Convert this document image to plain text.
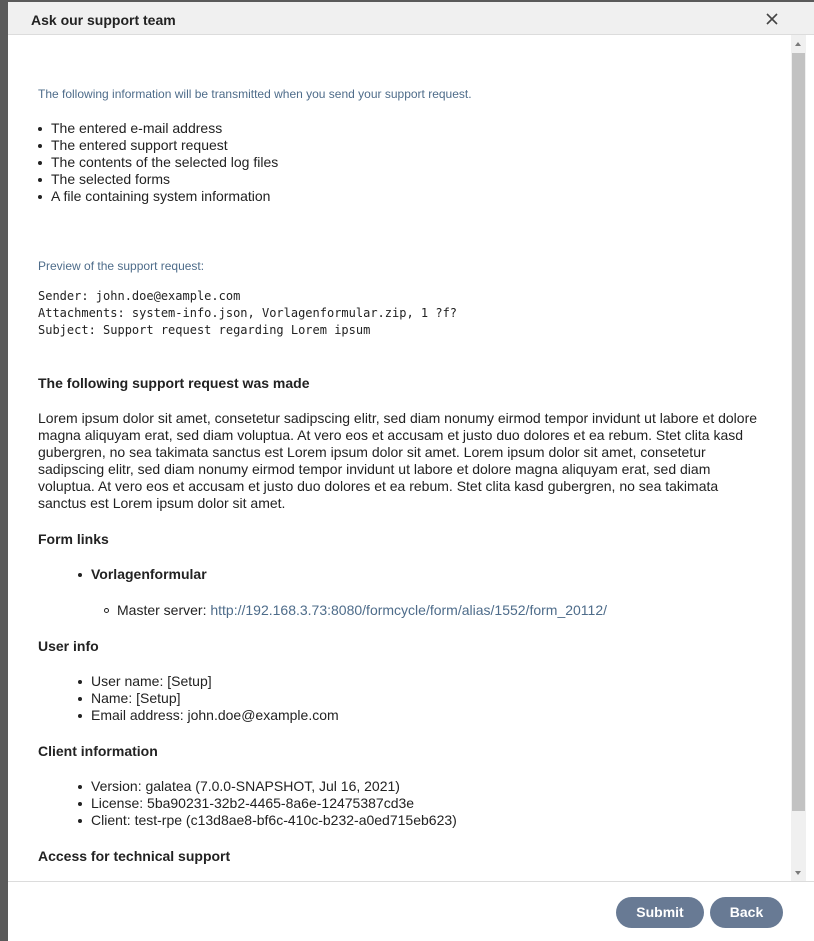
Ask our support team
The following information will be transmitted when you send your support request.
The entered e-mail address
The entered support request
The contents of the selected log files
The selected forms
A file containing system information
Preview of the support request:
Sender: john.doe@example.com
Attachments: system-info.json, Vorlagenformular.zip, 1 ?f?
Subject: Support request regarding Lorem ipsum
The following support request was made

Lorem ipsum dolor sit amet, consetetur sadipscing elitr, sed diam nonumy eirmod tempor invidunt ut labore et dolore magna aliquyam erat, sed diam voluptua. At vero eos et accusam et justo duo dolores et ea rebum. Stet clita kasd gubergren, no sea takimata sanctus est Lorem ipsum dolor sit amet. Lorem ipsum dolor sit amet, consetetur sadipscing elitr, sed diam nonumy eirmod tempor invidunt ut labore et dolore magna aliquyam erat, sed diam voluptua. At vero eos et accusam et justo duo dolores et ea rebum. Stet clita kasd gubergren, no sea takimata sanctus est Lorem ipsum dolor sit amet.

Form links
Vorlagenformular
Master server: http://192.168.3.73:8080/formcycle/form/alias/1552/form_20112/
User info
User name: [Setup]
Name: [Setup]
Email address: john.doe@example.com
Client information
Version: galatea (7.0.0-SNAPSHOT, Jul 16, 2021)
License: 5ba90231-32b2-4465-8a6e-12475387cd3e
Client: test-rpe (c13d8ae8-bf6c-410c-b232-a0ed715eb623)
Access for technical support
Submit	Back
